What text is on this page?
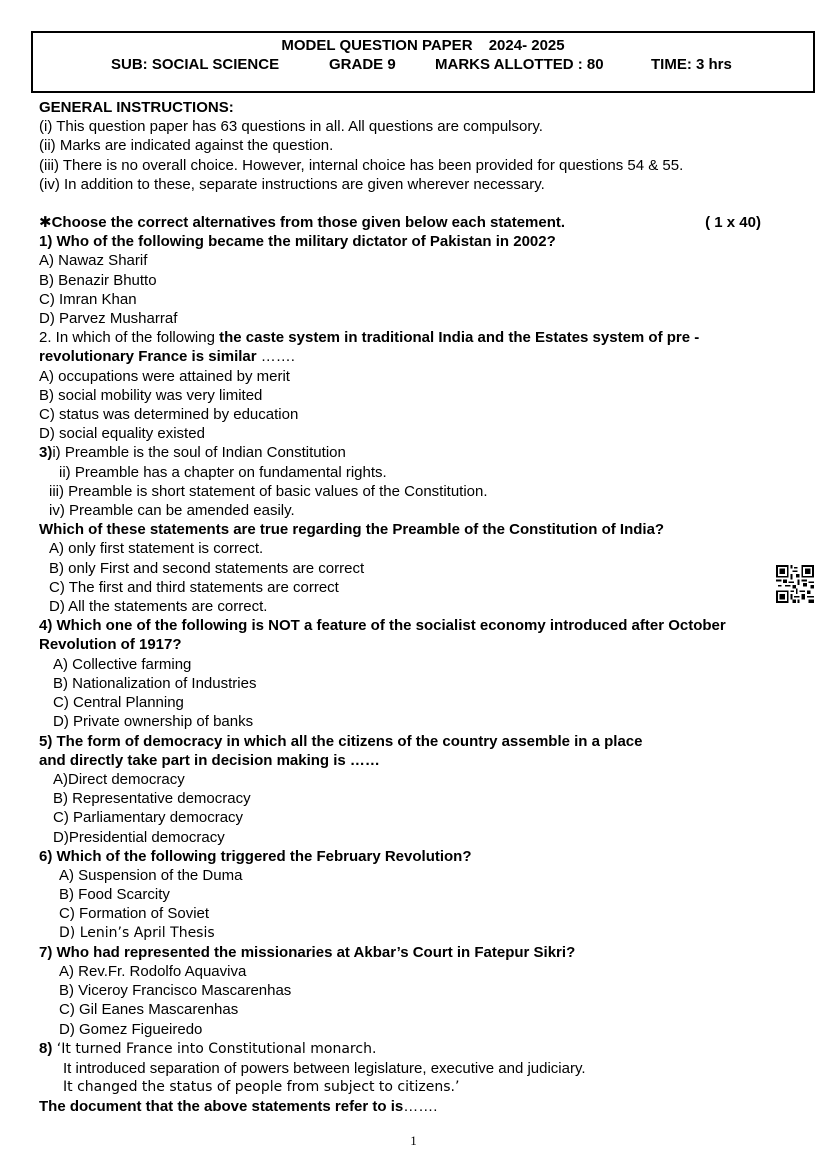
MODEL QUESTION PAPER 2024- 2025
SUB: SOCIAL SCIENCE	GRADE 9	MARKS ALLOTTED : 80	TIME: 3 hrs
GENERAL INSTRUCTIONS:
(i) This question paper has 63 questions in all. All questions are compulsory.
(ii) Marks are indicated against the question.
(iii) There is no overall choice. However, internal choice has been provided for questions 54 & 55.
(iv) In addition to these, separate instructions are given wherever necessary.
✱Choose the correct alternatives from those given below each statement.	( 1 x 40)
1) Who of the following became the military dictator of Pakistan in 2002?
A) Nawaz Sharif
B) Benazir Bhutto
C) Imran Khan
D) Parvez Musharraf
2. In which of the following the caste system in traditional India and the Estates system of pre -
revolutionary France is similar …….
A) occupations were attained by merit
B) social mobility was very limited
C) status was determined by education
D) social equality existed
3)i) Preamble is the soul of Indian Constitution
ii) Preamble has a chapter on fundamental rights.
iii) Preamble is short statement of basic values of the Constitution.
iv) Preamble can be amended easily.
Which of these statements are true regarding the Preamble of the Constitution of India?
A) only first statement is correct.
B) only First and second statements are correct
C) The first and third statements are correct
D) All the statements are correct.
4) Which one of the following is NOT a feature of the socialist economy introduced after October
Revolution of 1917?
A) Collective farming
B) Nationalization of Industries
C) Central Planning
D) Private ownership of banks
5) The form of democracy in which all the citizens of the country assemble in a place
and directly take part in decision making is ……
A)Direct democracy
B) Representative democracy
C) Parliamentary democracy
D)Presidential democracy
6) Which of the following triggered the February Revolution?
A) Suspension of the Duma
B) Food Scarcity
C) Formation of Soviet
D) Lenin’s April Thesis
7) Who had represented the missionaries at Akbar’s Court in Fatepur Sikri?
A) Rev.Fr. Rodolfo Aquaviva
B) Viceroy Francisco Mascarenhas
C) Gil Eanes Mascarenhas
D) Gomez Figueiredo
8) ‘It turned France into Constitutional monarch.
It introduced separation of powers between legislature, executive and judiciary.
It changed the status of people from subject to citizens.’
The document that the above statements refer to is…….
1
